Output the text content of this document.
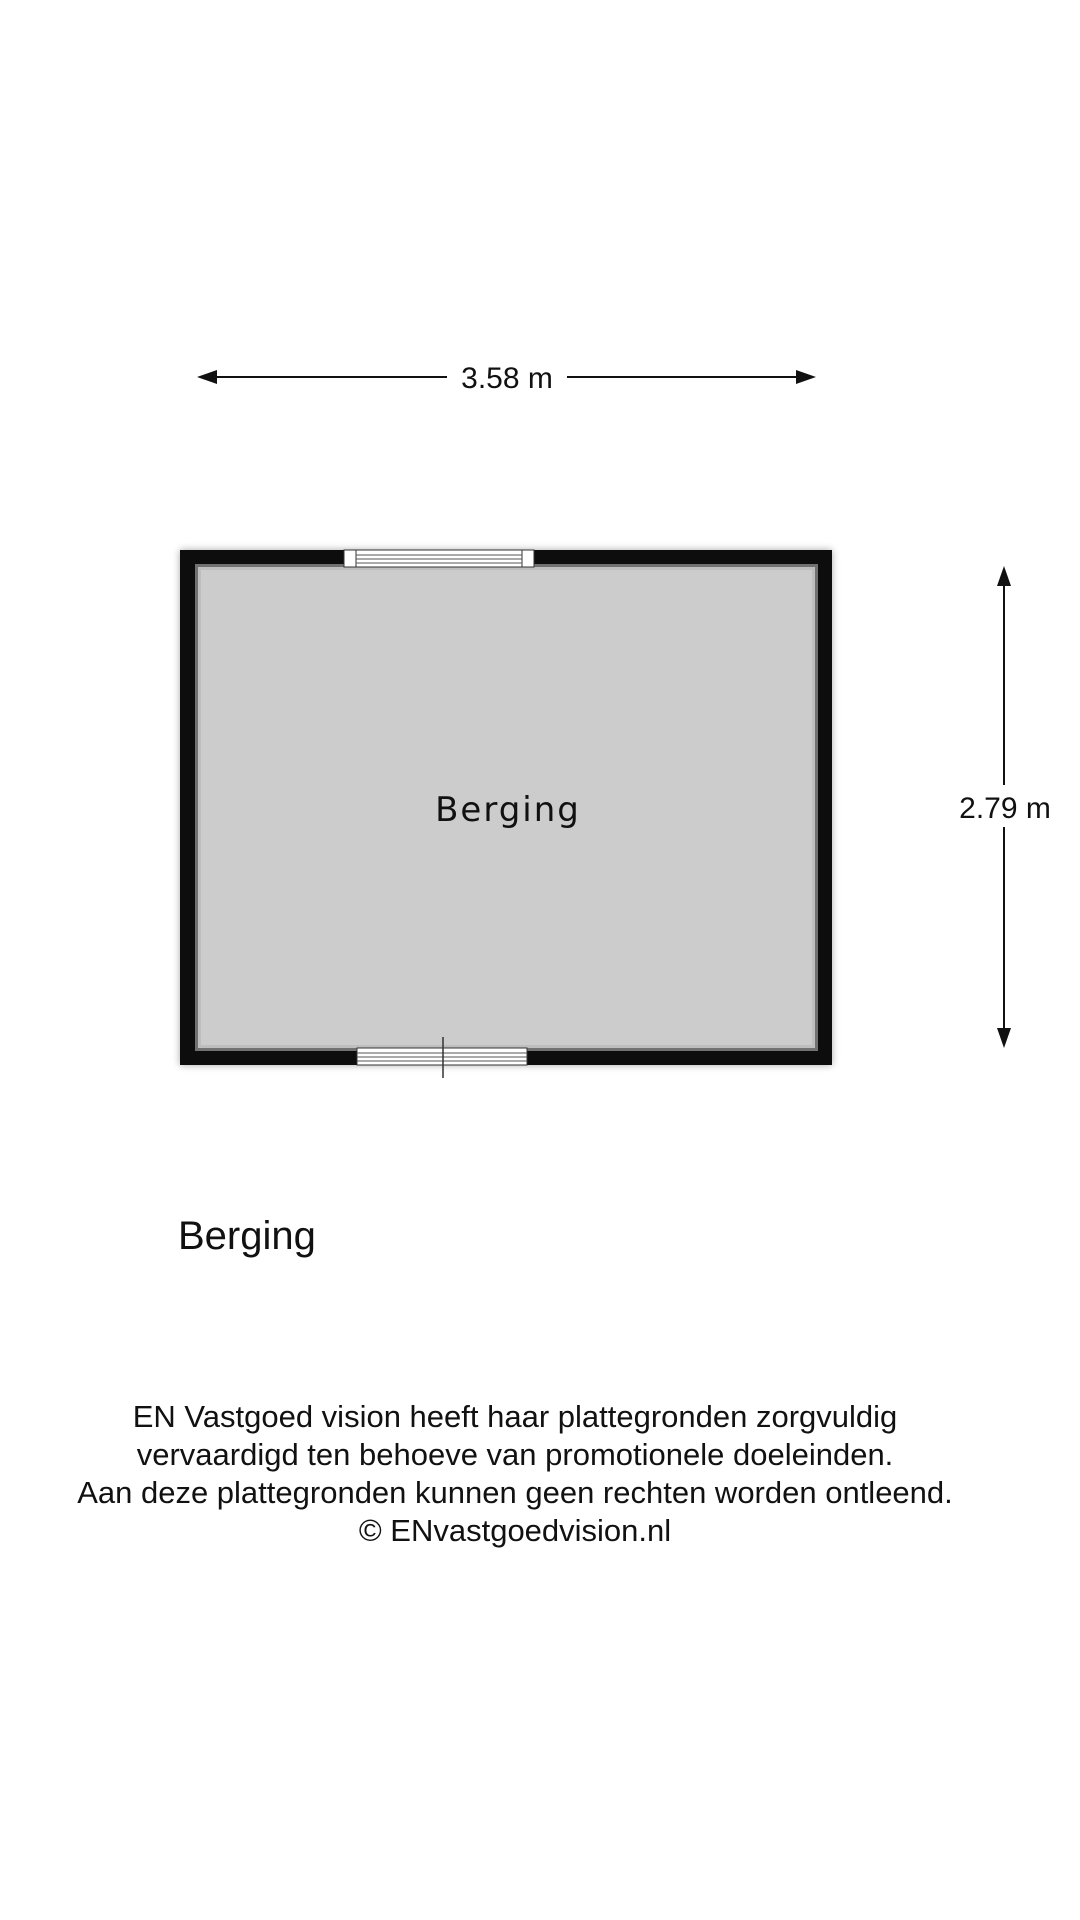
3.58 m
2.79 m
Berging
Berging
EN Vastgoed vision heeft haar plattegronden zorgvuldig
vervaardigd ten behoeve van promotionele doeleinden.
Aan deze plattegronden kunnen geen rechten worden ontleend.
© ENvastgoedvision.nl
